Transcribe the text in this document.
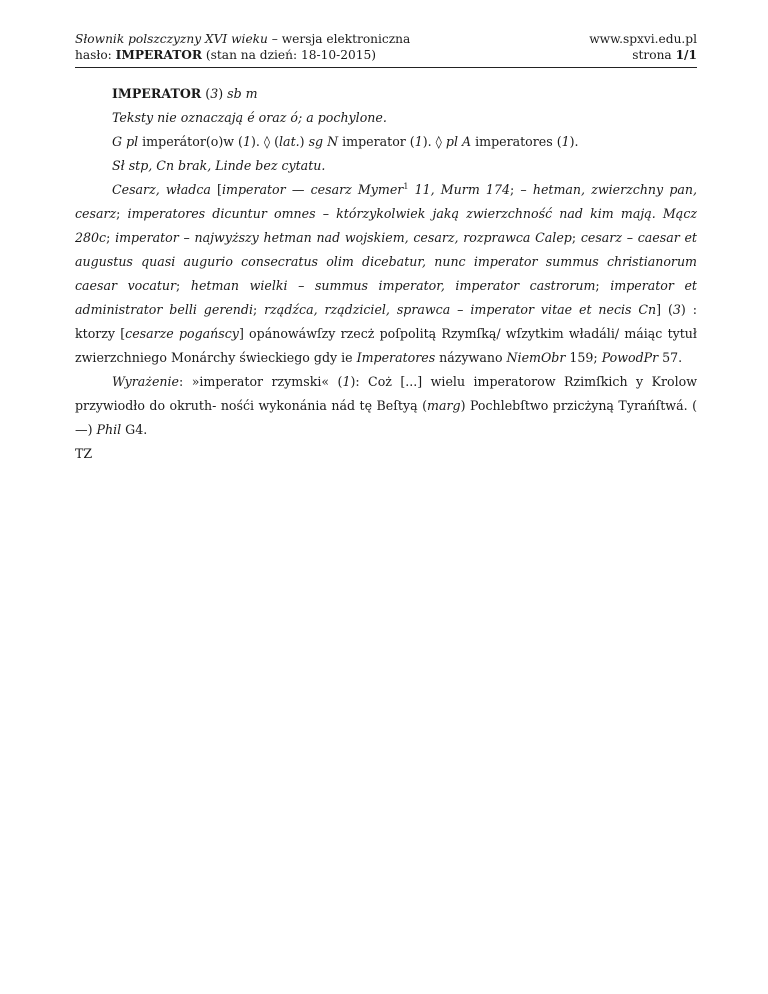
Słownik polszczyzny XVI wieku – wersja elektroniczna
hasło: IMPERATOR (stan na dzień: 18-10-2015)
www.spxvi.edu.pl
strona 1/1

IMPERATOR (3) sb m

Teksty nie oznaczają é oraz ó; a pochylone.

G pl imperátor(o)w (1). ◊ (lat.) sg N imperator (1). ◊ pl A imperatores (1).

Sł stp, Cn brak, Linde bez cytatu.

Cesarz, władca [imperator — cesarz Mymer$^1$ 11, Murm 174; – hetman, zwierzchny pan, cesarz; imperatores dicuntur omnes – którzykolwiek jaką zwierzchność nad kim mają. Mącz 280c; imperator – najwyższy hetman nad wojskiem, cesarz, rozprawca Calep; cesarz – caesar et augustus quasi augurio consecratus olim dicebatur, nunc imperator summus christianorum caesar vocatur; hetman wielki – summus imperator, imperator castrorum; imperator et administrator belli gerendi; rządźca, rządziciel, sprawca – imperator vitae et necis Cn] (3) : ktorzy [cesarze pogańscy] opánowáwſzy rzecż poſpolitą Rzymſką/ wſzytkim władáli/ máiąc tytuł zwierzchniego Monárchy świeckiego gdy ie Imperatores názywano NiemObr 159; PowodPr 57.

Wyrażenie: »imperator rzymski« (1): Coż [...] wielu imperatorow Rzimſkich y Krolow przywiodło do okruth- nośći wykonánia nád tę Beſtyą (marg) Pochlebſtwo przicżyną Tyrańſtwá. ( —) Phil G4.

TZ
